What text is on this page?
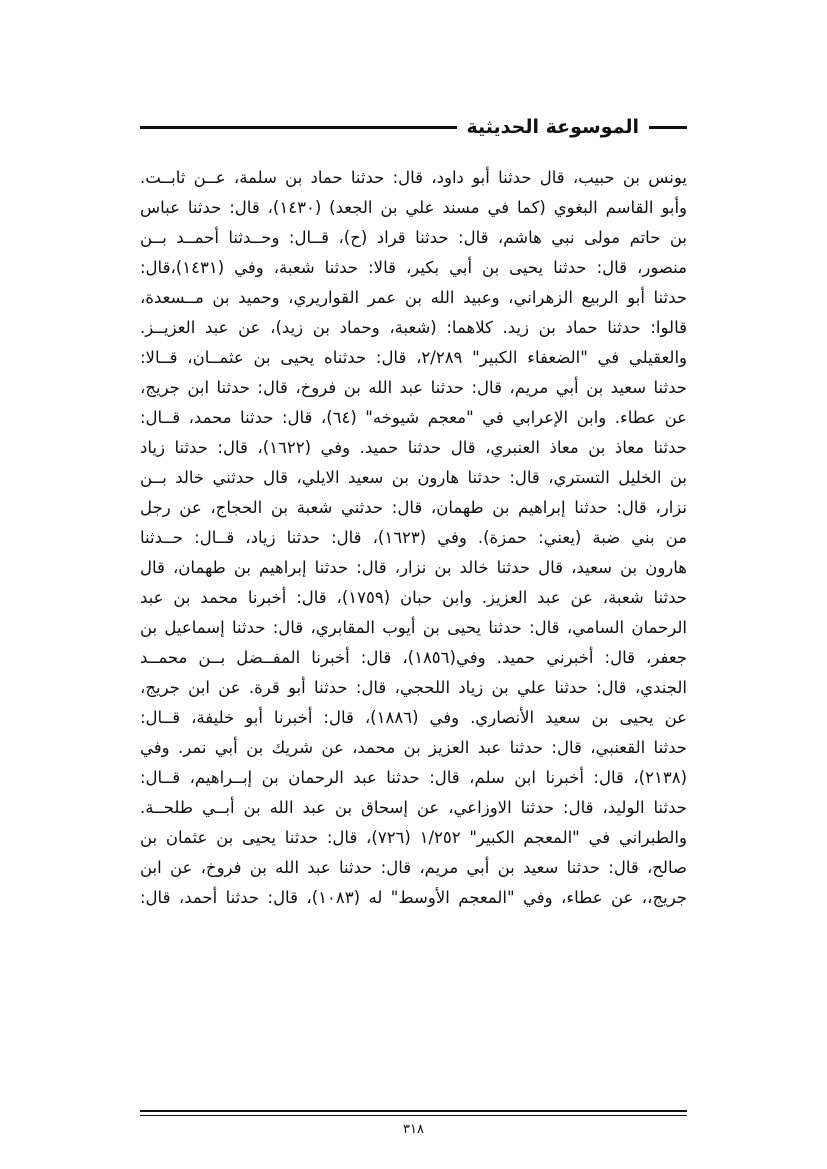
الموسوعة الحديثية
يونس بن حبيب، قال حدثنا أبو داود، قال: حدثنا حماد بن سلمة، عــن ثابــت.
وأبو القاسم البغوي (كما في مسند علي بن الجعد) (١٤٣٠)، قال: حدثنا عباس
بن حاتم مولى نبي هاشم، قال: حدثنا قراد (ح)، قــال: وحــدثنا أحمــد بــن
منصور، قال: حدثنا يحيى بن أبي بكير، قالا: حدثنا شعبة، وفي (١٤٣١)،قال:
حدثنا أبو الربيع الزهراني، وعبيد الله بن عمر القواريري، وحميد بن مــسعدة،
قالوا: حدثنا حماد بن زيد. كلاهما: (شعبة، وحماد بن زيد)، عن عبد العزيــز.
والعقيلي في "الضعفاء الكبير" ٢/٢٨٩، قال: حدثناه يحيى بن عثمــان، قــالا:
حدثنا سعيد بن أبي مريم، قال: حدثنا عبد الله بن فروخ، قال: حدثنا ابن جريج،
عن عطاء. وابن الإعرابي في "معجم شيوخه" (٦٤)، قال: حدثنا محمد، قــال:
حدثنا معاذ بن معاذ العنبري، قال حدثنا حميد. وفي (١٦٢٢)، قال: حدثنا زياد
بن الخليل التستري، قال: حدثنا هارون بن سعيد الايلي، قال حدثني خالد بــن
نزار، قال: حدثنا إبراهيم بن طهمان، قال: حدثني شعبة بن الحجاج، عن رجل
من بني ضبة (يعني: حمزة). وفي (١٦٢٣)، قال: حدثنا زياد، قــال: حــدثنا
هارون بن سعيد، قال حدثنا خالد بن نزار، قال: حدثنا إبراهيم بن طهمان، قال
حدثنا شعبة، عن عبد العزيز. وابن حبان (١٧٥٩)، قال: أخبرنا محمد بن عبد
الرحمان السامي، قال: حدثنا يحيى بن أيوب المقابري، قال: حدثنا إسماعيل بن
جعفر، قال: أخبرني حميد. وفي(١٨٥٦)، قال: أخبرنا المفــضل بــن محمــد
الجندي، قال: حدثنا علي بن زياد اللحجي، قال: حدثنا أبو قرة. عن ابن جريج،
عن يحيى بن سعيد الأنصاري. وفي (١٨٨٦)، قال: أخبرنا أبو خليفة، قــال:
حدثنا القعنبي، قال: حدثنا عبد العزيز بن محمد، عن شريك بن أبي نمر. وفي
(٢١٣٨)، قال: أخبرنا ابن سلم، قال: حدثنا عبد الرحمان بن إبــراهيم، قــال:
حدثنا الوليد، قال: حدثنا الاوزاعي، عن إسحاق بن عبد الله بن أبــي طلحــة.
والطبراني في "المعجم الكبير" ١/٢٥٢ (٧٢٦)، قال: حدثنا يحيى بن عثمان بن
صالح، قال: حدثنا سعيد بن أبي مريم، قال: حدثنا عبد الله بن فروخ، عن ابن
جريج،، عن عطاء، وفي "المعجم الأوسط" له (١٠٨٣)، قال: حدثنا أحمد، قال:
٣١٨
